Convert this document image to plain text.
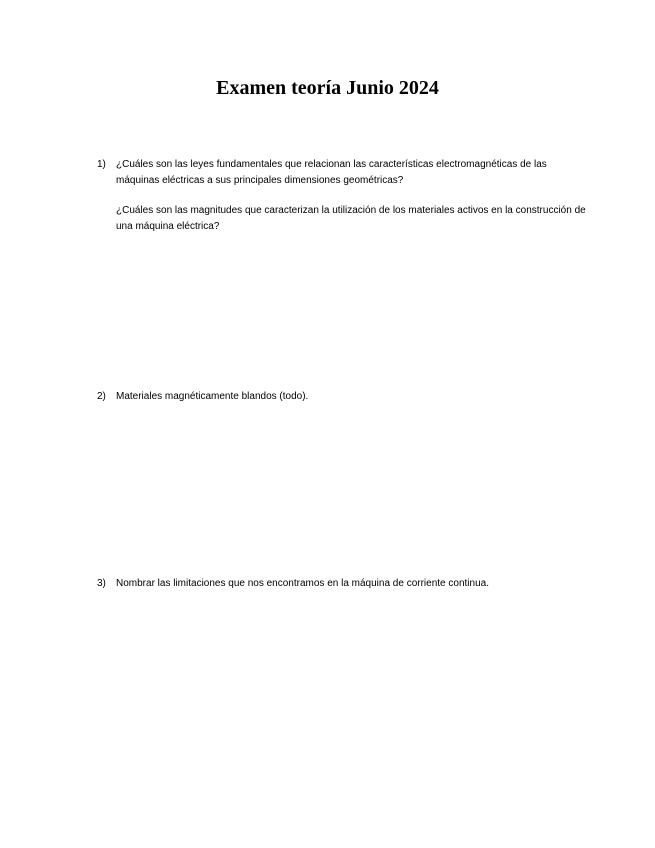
Examen teoría Junio 2024
1) ¿Cuáles son las leyes fundamentales que relacionan las características electromagnéticas de las máquinas eléctricas a sus principales dimensiones geométricas?

¿Cuáles son las magnitudes que caracterizan la utilización de los materiales activos en la construcción de una máquina eléctrica?

2) Materiales magnéticamente blandos (todo).

3) Nombrar las limitaciones que nos encontramos en la máquina de corriente continua.
